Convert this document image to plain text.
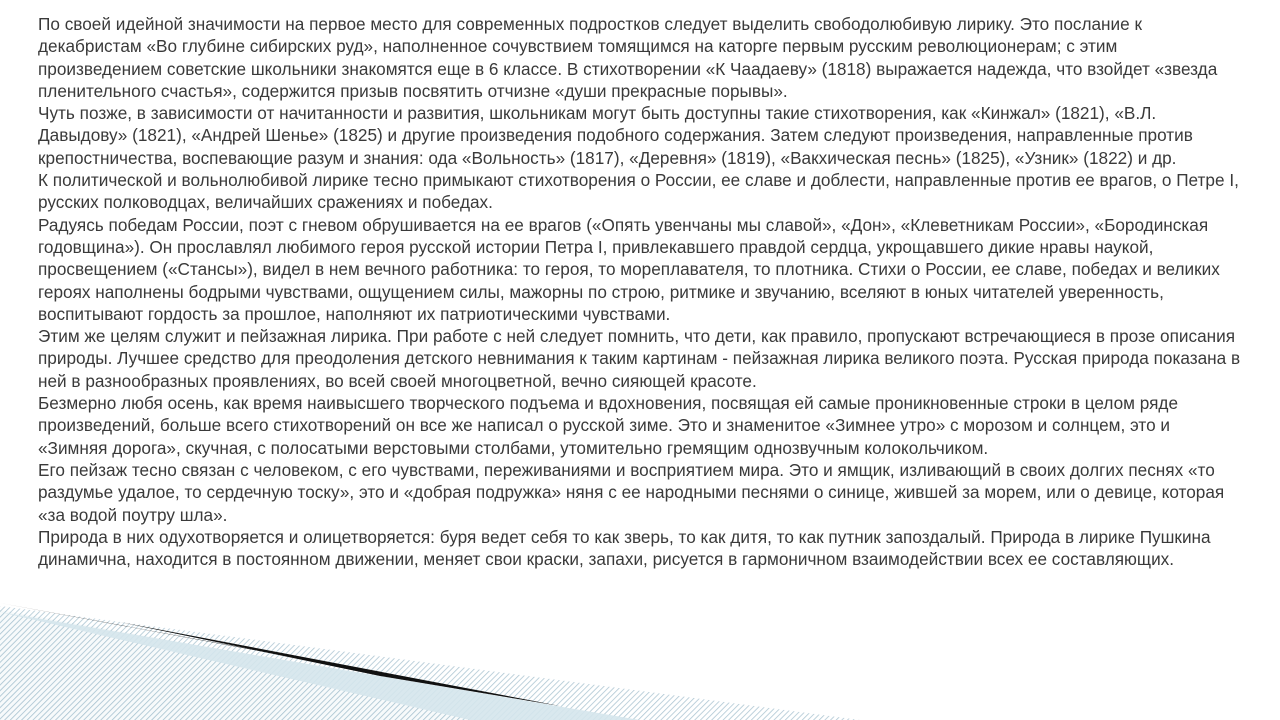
По своей идейной значимости на первое место для современных подростков следует выделить свободолюбивую лирику. Это послание к декабристам «Во глубине сибирских руд», наполненное сочувствием томящимся на каторге первым русским революционерам; с этим произведением советские школьники знакомятся еще в 6 классе. В стихотворении «К Чаадаеву» (1818) выражается надежда, что взойдет «звезда пленительного счастья», содержится призыв посвятить отчизне «души прекрасные порывы».

Чуть позже, в зависимости от начитанности и развития, школьникам могут быть доступны такие стихотворения, как «Кинжал» (1821), «В.Л. Давыдову» (1821), «Андрей Шенье» (1825) и другие произведения подобного содержания. Затем следуют произведения, направленные против крепостничества, воспевающие разум и знания: ода «Вольность» (1817), «Деревня» (1819), «Вакхическая песнь» (1825), «Узник» (1822) и др.

К политической и вольнолюбивой лирике тесно примыкают стихотворения о России, ее славе и доблести, направленные против ее врагов, о Петре I, русских полководцах, величайших сражениях и победах.

Радуясь победам России, поэт с гневом обрушивается на ее врагов («Опять увенчаны мы славой», «Дон», «Клеветникам России», «Бородинская годовщина»). Он прославлял любимого героя русской истории Петра I, привлекавшего правдой сердца, укрощавшего дикие нравы наукой, просвещением («Стансы»), видел в нем вечного работника: то героя, то мореплавателя, то плотника. Стихи о России, ее славе, победах и великих героях наполнены бодрыми чувствами, ощущением силы, мажорны по строю, ритмике и звучанию, вселяют в юных читателей уверенность, воспитывают гордость за прошлое, наполняют их патриотическими чувствами.

Этим же целям служит и пейзажная лирика. При работе с ней следует помнить, что дети, как правило, пропускают встречающиеся в прозе описания природы. Лучшее средство для преодоления детского невнимания к таким картинам - пейзажная лирика великого поэта. Русская природа показана в ней в разнообразных проявлениях, во всей своей многоцветной, вечно сияющей красоте.

Безмерно любя осень, как время наивысшего творческого подъема и вдохновения, посвящая ей самые проникновенные строки в целом ряде произведений, больше всего стихотворений он все же написал о русской зиме. Это и знаменитое «Зимнее утро» с морозом и солнцем, это и «Зимняя дорога», скучная, с полосатыми верстовыми столбами, утомительно гремящим однозвучным колокольчиком.

Его пейзаж тесно связан с человеком, с его чувствами, переживаниями и восприятием мира. Это и ямщик, изливающий в своих долгих песнях «то раздумье удалое, то сердечную тоску», это и «добрая подружка» няня с ее народными песнями о синице, жившей за морем, или о девице, которая «за водой поутру шла».

Природа в них одухотворяется и олицетворяется: буря ведет себя то как зверь, то как дитя, то как путник запоздалый. Природа в лирике Пушкина динамична, находится в постоянном движении, меняет свои краски, запахи, рисуется в гармоничном взаимодействии всех ее составляющих.
